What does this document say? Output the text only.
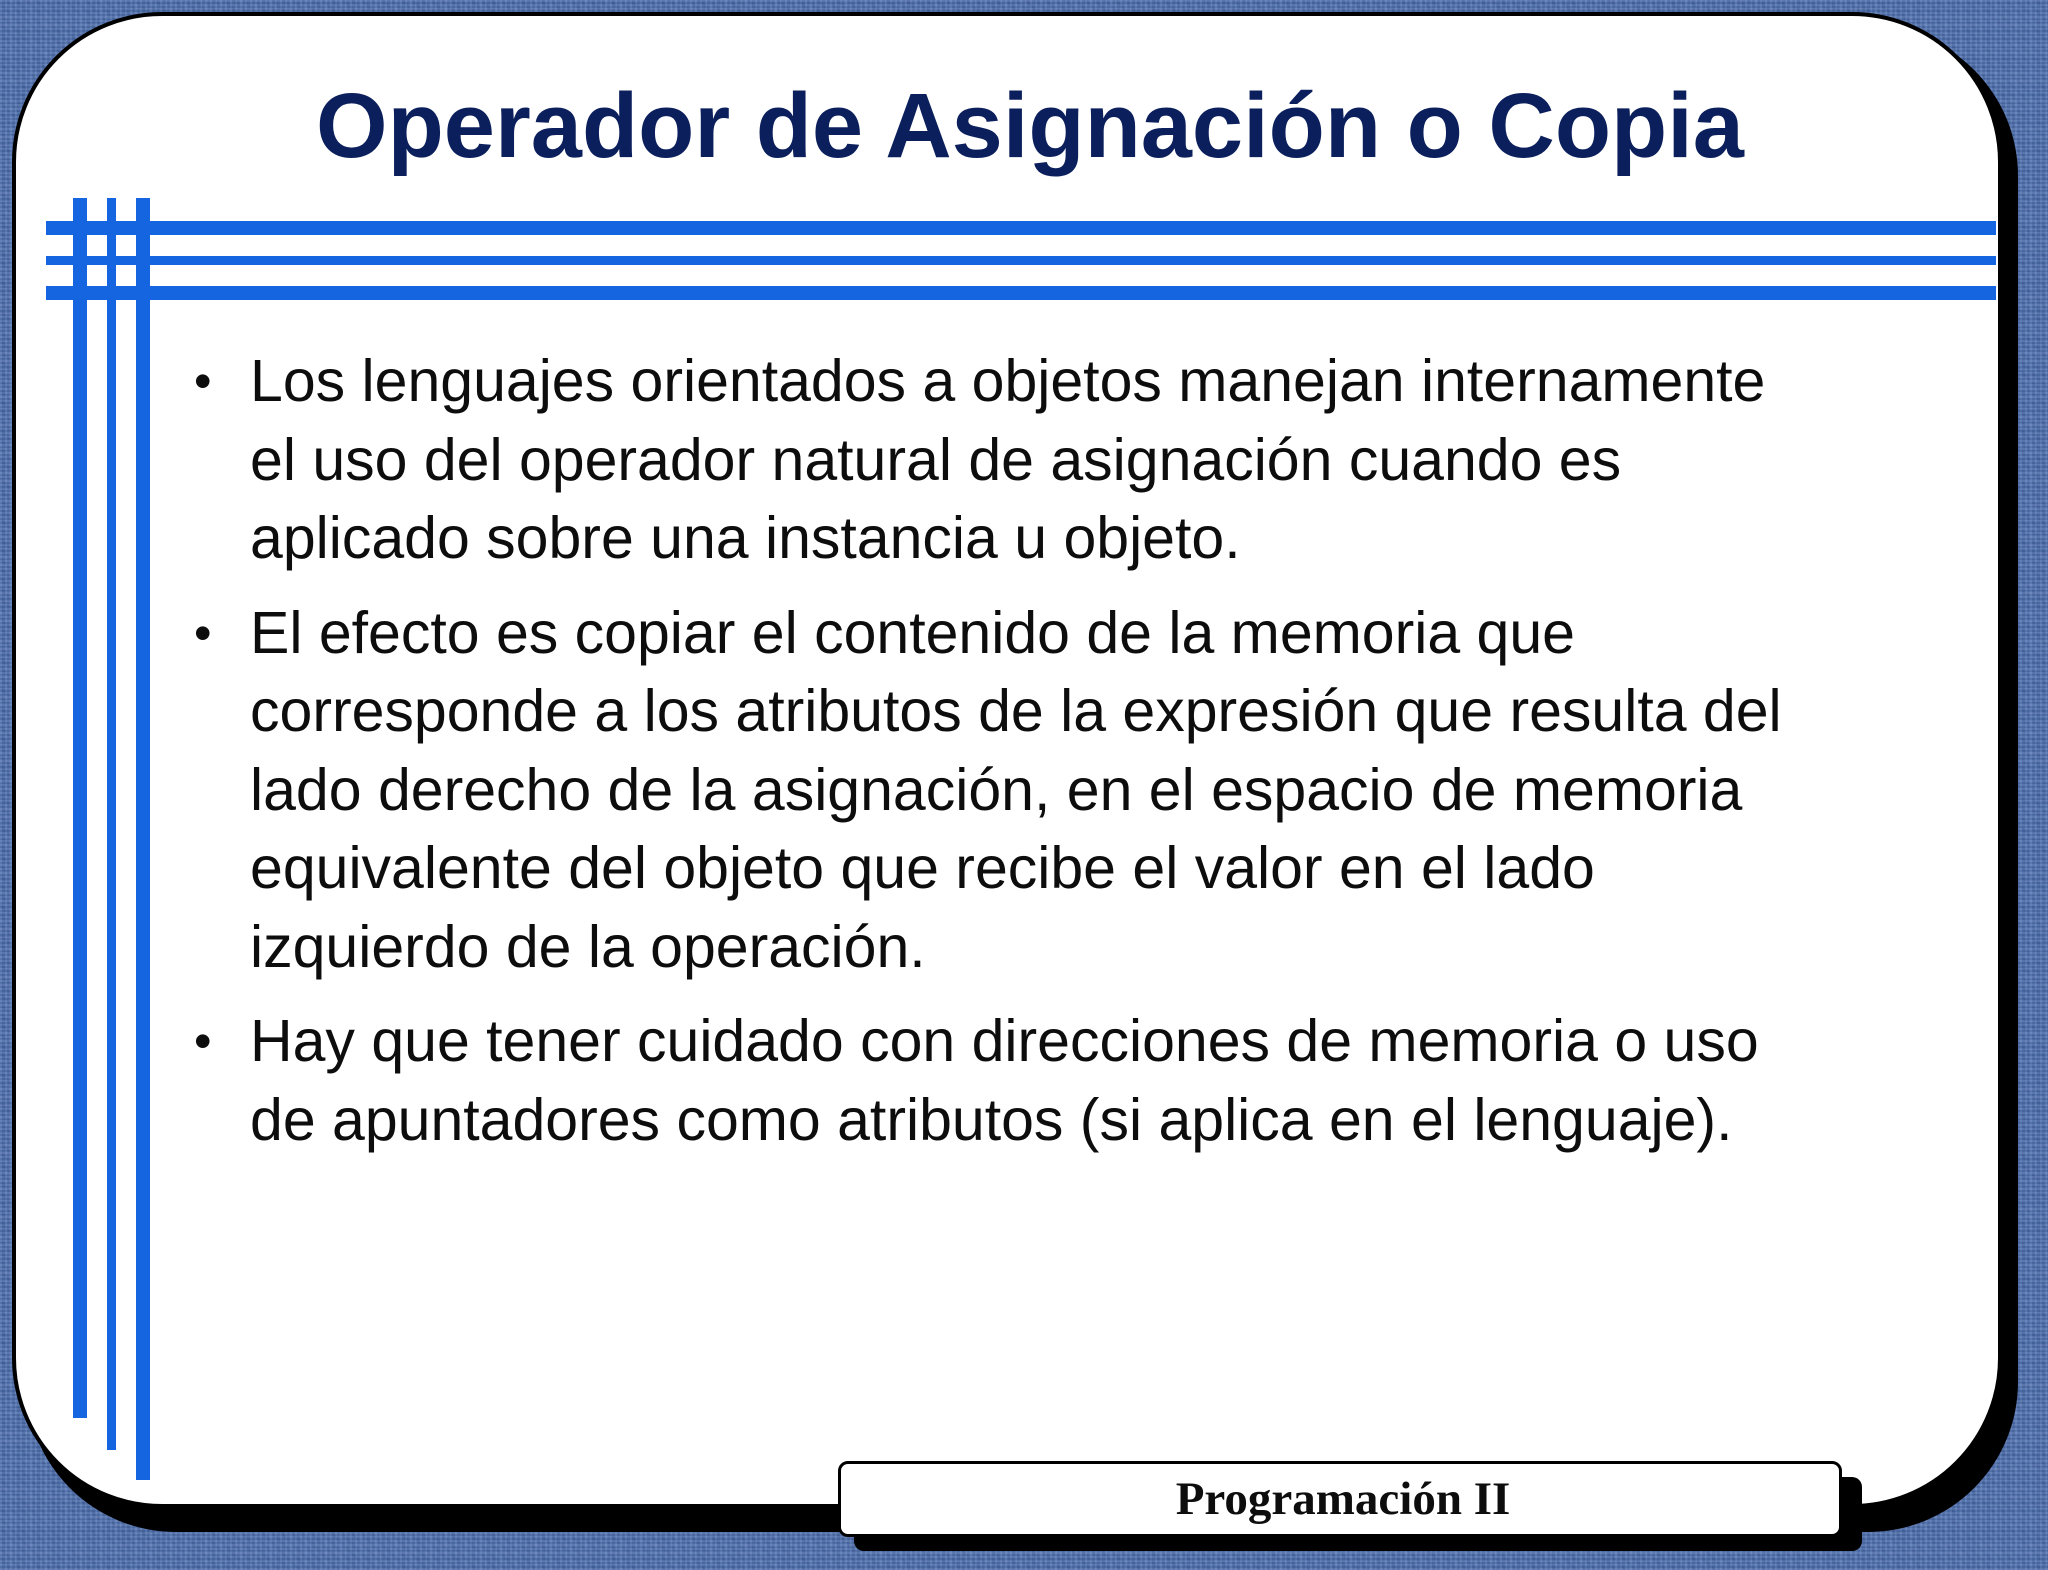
Operador de Asignación o Copia
• Los lenguajes orientados a objetos manejan internamente
el uso del operador natural de asignación cuando es
aplicado sobre una instancia u objeto.
• El efecto es copiar el contenido de la memoria que
corresponde a los atributos de la expresión que resulta del
lado derecho de la asignación, en el espacio de memoria
equivalente del objeto que recibe el valor en el lado
izquierdo de la operación.
• Hay que tener cuidado con direcciones de memoria o uso
de apuntadores como atributos (si aplica en el lenguaje).
Programación II
